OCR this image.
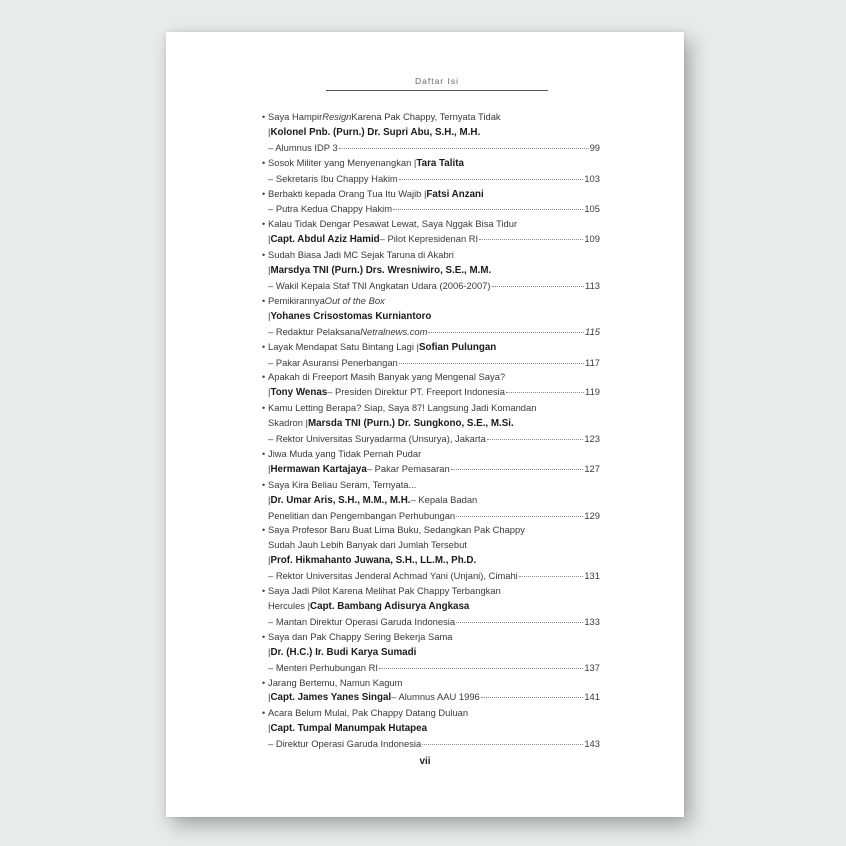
Daftar Isi
• Saya Hampir Resign Karena Pak Chappy, Ternyata Tidak
| Kolonel Pnb. (Purn.) Dr. Supri Abu, S.H., M.H.
– Alumnus IDP 3	99
• Sosok Militer yang Menyenangkan | Tara Talita
– Sekretaris Ibu Chappy Hakim	103
• Berbakti kepada Orang Tua Itu Wajib | Fatsi Anzani
– Putra Kedua Chappy Hakim	105
• Kalau Tidak Dengar Pesawat Lewat, Saya Nggak Bisa Tidur
| Capt. Abdul Aziz Hamid – Pilot Kepresidenan RI	109
• Sudah Biasa Jadi MC Sejak Taruna di Akabri
| Marsdya TNI (Purn.) Drs. Wresniwiro, S.E., M.M.
– Wakil Kepala Staf TNI Angkatan Udara (2006-2007)	113
• Pemikirannya Out of the Box
| Yohanes Crisostomas Kurniantoro
– Redaktur Pelaksana Netralnews.com	115
• Layak Mendapat Satu Bintang Lagi | Sofian Pulungan
– Pakar Asuransi Penerbangan	117
• Apakah di Freeport Masih Banyak yang Mengenal Saya?
| Tony Wenas – Presiden Direktur PT. Freeport Indonesia	119
• Kamu Letting Berapa? Siap, Saya 87! Langsung Jadi Komandan
Skadron | Marsda TNI (Purn.) Dr. Sungkono, S.E., M.Si.
– Rektor Universitas Suryadarma (Unsurya), Jakarta	123
• Jiwa Muda yang Tidak Pernah Pudar
| Hermawan Kartajaya – Pakar Pemasaran	127
• Saya Kira Beliau Seram, Ternyata...
| Dr. Umar Aris, S.H., M.M., M.H. – Kepala Badan
Penelitian dan Pengembangan Perhubungan	129
• Saya Profesor Baru Buat Lima Buku, Sedangkan Pak Chappy
Sudah Jauh Lebih Banyak dari Jumlah Tersebut
| Prof. Hikmahanto Juwana, S.H., LL.M., Ph.D.
– Rektor Universitas Jenderal Achmad Yani (Unjani), Cimahi	131
• Saya Jadi Pilot Karena Melihat Pak Chappy Terbangkan
Hercules | Capt. Bambang Adisurya Angkasa
– Mantan Direktur Operasi Garuda Indonesia	133
• Saya dan Pak Chappy Sering Bekerja Sama
| Dr. (H.C.) Ir. Budi Karya Sumadi
– Menteri Perhubungan RI	137
• Jarang Bertemu, Namun Kagum
| Capt. James Yanes Singal – Alumnus AAU 1996	141
• Acara Belum Mulai, Pak Chappy Datang Duluan
| Capt. Tumpal Manumpak Hutapea
– Direktur Operasi Garuda Indonesia	143
vii
